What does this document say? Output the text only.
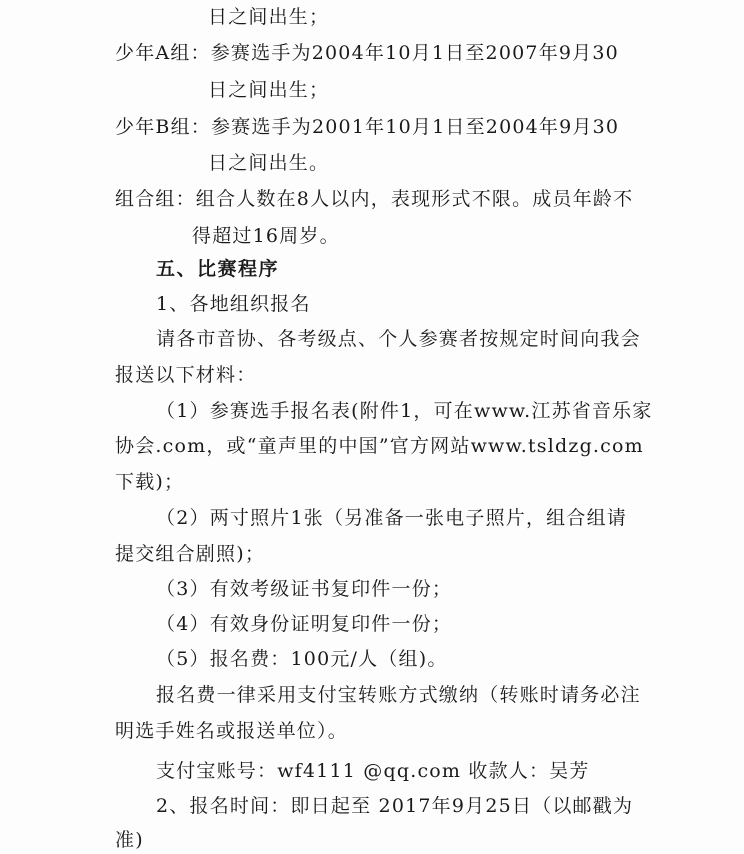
日之间出生；
少年A组：参赛选手为2004年10月1日至2007年9月30
日之间出生；
少年B组：参赛选手为2001年10月1日至2004年9月30
日之间出生。
组合组：组合人数在8人以内，表现形式不限。成员年龄不
得超过16周岁。
五、比赛程序
1、各地组织报名
请各市音协、各考级点、个人参赛者按规定时间向我会
报送以下材料：
（1）参赛选手报名表(附件1，可在www.江苏省音乐家
协会.com，或“童声里的中国”官方网站www.tsldzg.com
下载)；
（2）两寸照片1张（另准备一张电子照片，组合组请
提交组合剧照)；
（3）有效考级证书复印件一份；
（4）有效身份证明复印件一份；
（5）报名费：100元/人（组)。
报名费一律采用支付宝转账方式缴纳（转账时请务必注
明选手姓名或报送单位）。
支付宝账号：wf4111 @qq.com 收款人：吴芳
2、报名时间：即日起至 2017年9月25日（以邮戳为
准)
